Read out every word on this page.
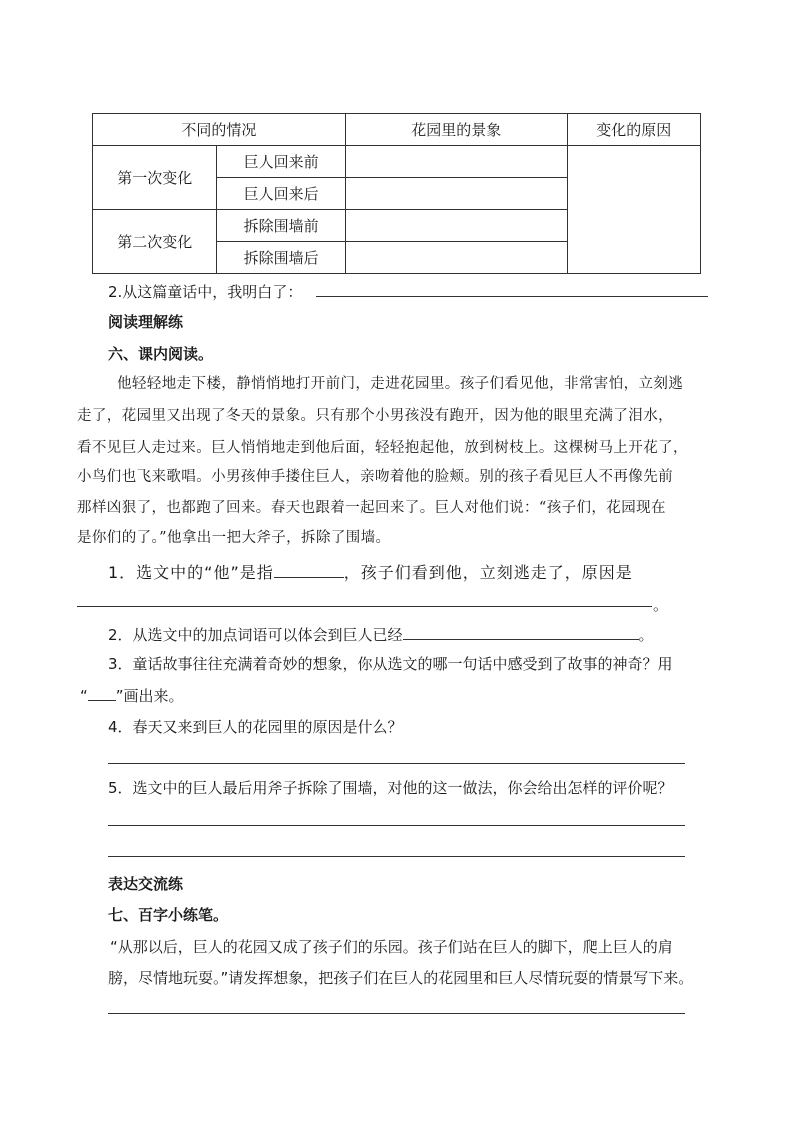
不同的情况		花园里的景象	变化的原因
第一次变化	巨人回来前		
	巨人回来后		
第二次变化	拆除围墙前		
	拆除围墙后		
2.从这篇童话中，我明白了：
阅读理解练
六、课内阅读。
他轻轻地走下楼，静悄悄地打开前门，走进花园里。孩子们看见他，非常害怕，立刻逃
走了，花园里又出现了冬天的景象。只有那个小男孩没有跑开，因为他的眼里充满了泪水，
看不见巨人走过来。巨人悄悄地走到他后面，轻轻抱起他，放到树枝上。这棵树马上开花了，
小鸟们也飞来歌唱。小男孩伸手搂住巨人，亲吻着他的脸颊。别的孩子看见巨人不再像先前
那样凶狠了，也都跑了回来。春天也跟着一起回来了。巨人对他们说：“孩子们，花园现在
是你们的了。”他拿出一把大斧子，拆除了围墙。
1．选文中的“他”是指	，孩子们看到他，立刻逃走了，原因是
。
2．从选文中的加点词语可以体会到巨人已经	。
3．童话故事往往充满着奇妙的想象，你从选文的哪一句话中感受到了故事的神奇？用
“ ”画出来。
4．春天又来到巨人的花园里的原因是什么？
5．选文中的巨人最后用斧子拆除了围墙，对他的这一做法，你会给出怎样的评价呢？
表达交流练
七、百字小练笔。
“从那以后，巨人的花园又成了孩子们的乐园。孩子们站在巨人的脚下，爬上巨人的肩
膀，尽情地玩耍。”请发挥想象，把孩子们在巨人的花园里和巨人尽情玩耍的情景写下来。
